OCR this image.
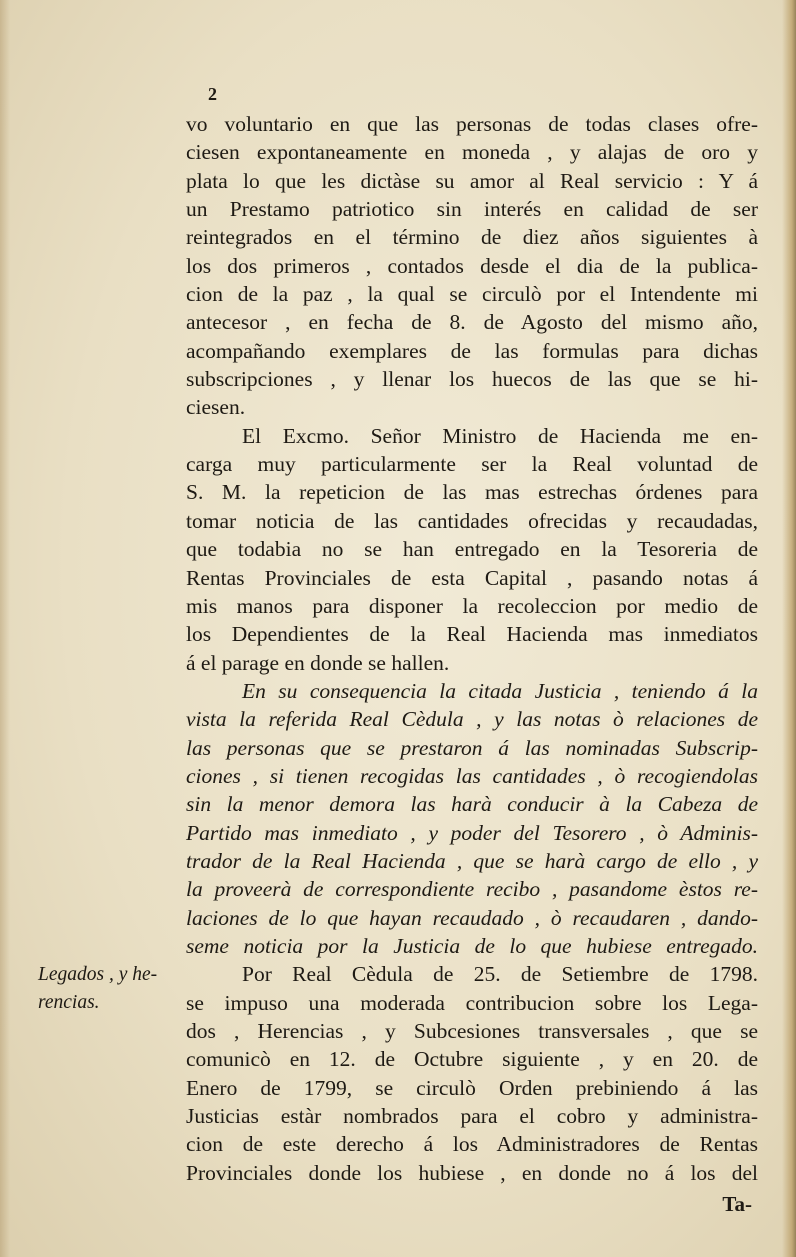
2
vo voluntario en que las personas de todas clases ofre-
ciesen expontaneamente en moneda , y alajas de oro y
plata lo que les dictàse su amor al Real servicio : Y á
un Prestamo patriotico sin interés en calidad de ser
reintegrados en el término de diez años siguientes à
los dos primeros , contados desde el dia de la publica-
cion de la paz , la qual se circulò por el Intendente mi
antecesor , en fecha de 8. de Agosto del mismo año,
acompañando exemplares de las formulas para dichas
subscripciones , y llenar los huecos de las que se hi-
ciesen.
El Excmo. Señor Ministro de Hacienda me en-
carga muy particularmente ser la Real voluntad de
S. M. la repeticion de las mas estrechas órdenes para
tomar noticia de las cantidades ofrecidas y recaudadas,
que todabia no se han entregado en la Tesoreria de
Rentas Provinciales de esta Capital , pasando notas á
mis manos para disponer la recoleccion por medio de
los Dependientes de la Real Hacienda mas inmediatos
á el parage en donde se hallen.
En su consequencia la citada Justicia , teniendo á la
vista la referida Real Cèdula , y las notas ò relaciones de
las personas que se prestaron á las nominadas Subscrip-
ciones , si tienen recogidas las cantidades , ò recogiendolas
sin la menor demora las harà conducir à la Cabeza de
Partido mas inmediato , y poder del Tesorero , ò Adminis-
trador de la Real Hacienda , que se harà cargo de ello , y
la proveerà de correspondiente recibo , pasandome èstos re-
laciones de lo que hayan recaudado , ò recaudaren , dando-
seme noticia por la Justicia de lo que hubiese entregado.
Por Real Cèdula de 25. de Setiembre de 1798.
se impuso una moderada contribucion sobre los Lega-
dos , Herencias , y Subcesiones transversales , que se
comunicò en 12. de Octubre siguiente , y en 20. de
Enero de 1799, se circulò Orden prebiniendo á las
Justicias estàr nombrados para el cobro y administra-
cion de este derecho á los Administradores de Rentas
Provinciales donde los hubiese , en donde no á los del
Legados , y he-
rencias.
Ta-
